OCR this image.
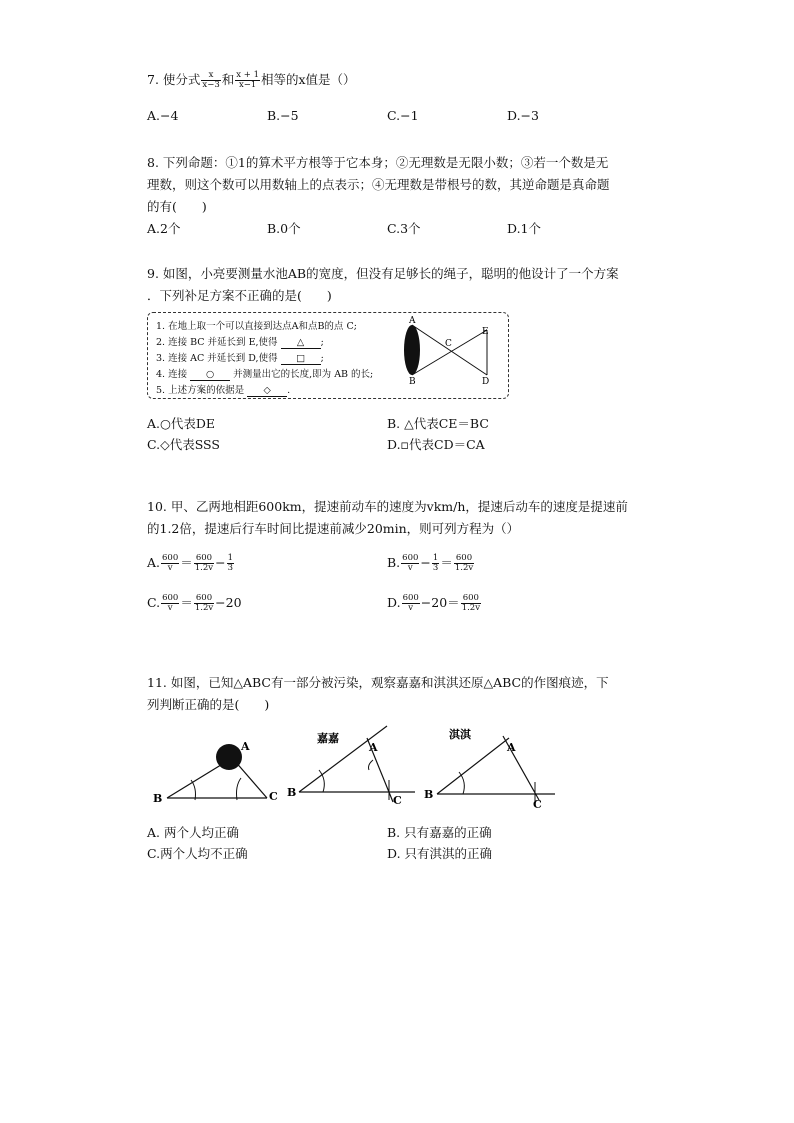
7. 使分式 $\frac{x}{x-3}$ 和 $\frac{x + 1}{x-1}$ 相等的x值是（）
A.−4	B.−5	C.−1	D.−3
8. 下列命题：①1的算术平方根等于它本身；②无理数是无限小数；③若一个数是无
理数，则这个数可以用数轴上的点表示；④无理数是带根号的数，其逆命题是真命题
的有(　　)
A.2个	B.0个	C.3个	D.1个
9. 如图，小亮要测量水池AB的宽度，但没有足够长的绳子，聪明的他设计了一个方案
．下列补足方案不正确的是(　　)
1. 在地上取一个可以直接到达点A和点B的点 C;
2. 连接 BC 并延长到 E,使得 △ ;
3. 连接 AC 并延长到 D,使得 □ ;
4. 连接 ○ 并测量出它的长度,即为 AB 的长;
5. 上述方案的依据是 ◇ .
A
B
C
D
E
A.○代表DE	B. △代表CE＝BC
C.◇代表SSS	D.▫代表CD＝CA
10. 甲、乙两地相距600km，提速前动车的速度为vkm/h，提速后动车的速度是提速前
的1.2倍，提速后行车时间比提速前减少20min，则可列方程为（）
A. $\frac{600}{v} = \frac{600}{1.2v} - \frac{1}{3}$	B. $\frac{600}{v} - \frac{1}{3} = \frac{600}{1.2v}$
C. $\frac{600}{v} = \frac{600}{1.2v} -20$	D. $\frac{600}{v} -20= \frac{600}{1.2v}$
11. 如图，已知△ABC有一部分被污染，观察嘉嘉和淇淇还原△ABC的作图痕迹，下
列判断正确的是(　　)
B	C
A
嘉嘉
B
C
A
淇淇
B
C
A
A. 两个人均正确	B. 只有嘉嘉的正确
C.两个人均不正确	D. 只有淇淇的正确
